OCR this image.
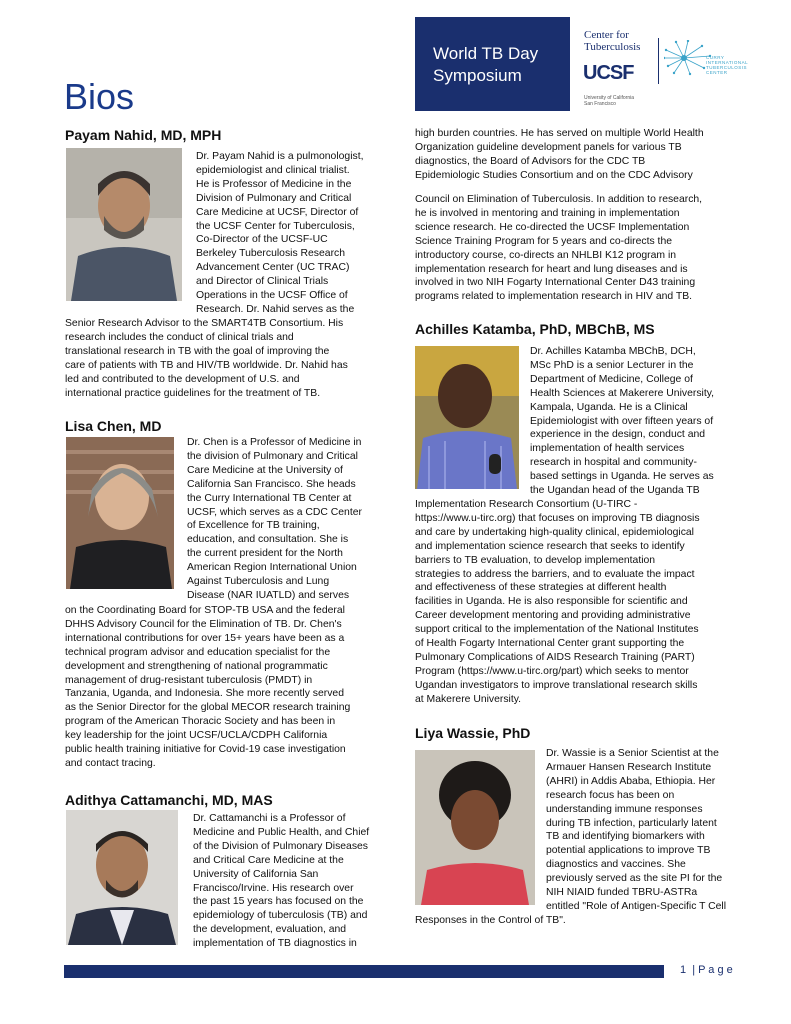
World TB Day
Symposium
Center for
Tuberculosis
UCSF
University of California
San Francisco
CURRY
INTERNATIONAL
TUBERCULOSIS
CENTER
Bios
Payam Nahid, MD, MPH

Dr. Payam Nahid is a pulmonologist,

epidemiologist and clinical trialist.

He is Professor of Medicine in the

Division of Pulmonary and Critical

Care Medicine at UCSF, Director of

the UCSF Center for Tuberculosis,

Co-Director of the UCSF-UC

Berkeley Tuberculosis Research

Advancement Center (UC TRAC)

and Director of Clinical Trials

Operations in the UCSF Office of

Research. Dr. Nahid serves as the

Senior Research Advisor to the SMART4TB Consortium. His

research includes the conduct of clinical trials and

translational research in TB with the goal of improving the

care of patients with TB and HIV/TB worldwide. Dr. Nahid has

led and contributed to the development of U.S. and

international practice guidelines for the treatment of TB.

Lisa Chen, MD

Dr. Chen is a Professor of Medicine in

the division of Pulmonary and Critical

Care Medicine at the University of

California San Francisco. She heads

the Curry International TB Center at

UCSF, which serves as a CDC Center

of Excellence for TB training,

education, and consultation. She is

the current president for the North

American Region International Union

Against Tuberculosis and Lung

Disease (NAR IUATLD) and serves

on the Coordinating Board for STOP-TB USA and the federal

DHHS Advisory Council for the Elimination of TB. Dr. Chen's

international contributions for over 15+ years have been as a

technical program advisor and education specialist for the

development and strengthening of national programmatic

management of drug-resistant tuberculosis (PMDT) in

Tanzania, Uganda, and Indonesia. She more recently served

as the Senior Director for the global MECOR research training

program of the American Thoracic Society and has been in

key leadership for the joint UCSF/UCLA/CDPH California

public health training initiative for Covid-19 case investigation

and contact tracing.

Adithya Cattamanchi, MD, MAS

Dr. Cattamanchi is a Professor of

Medicine and Public Health, and Chief

of the Division of Pulmonary Diseases

and Critical Care Medicine at the

University of California San

Francisco/Irvine. His research over

the past 15 years has focused on the

epidemiology of tuberculosis (TB) and

the development, evaluation, and

implementation of TB diagnostics in

high burden countries. He has served on multiple World Health

Organization guideline development panels for various TB

diagnostics, the Board of Advisors for the CDC TB

Epidemiologic Studies Consortium and on the CDC Advisory

Council on Elimination of Tuberculosis. In addition to research,

he is involved in mentoring and training in implementation

science research. He co-directed the UCSF Implementation

Science Training Program for 5 years and co-directs the

introductory course, co-directs an NHLBI K12 program in

implementation research for heart and lung diseases and is

involved in two NIH Fogarty International Center D43 training

programs related to implementation research in HIV and TB.

Achilles Katamba, PhD, MBChB, MS

Dr. Achilles Katamba MBChB, DCH,

MSc PhD is a senior Lecturer in the

Department of Medicine, College of

Health Sciences at Makerere University,

Kampala, Uganda. He is a Clinical

Epidemiologist with over fifteen years of

experience in the design, conduct and

implementation of health services

research in hospital and community-

based settings in Uganda. He serves as

the Ugandan head of the Uganda TB

Implementation Research Consortium (U-TIRC -

https://www.u-tirc.org) that focuses on improving TB diagnosis

and care by undertaking high-quality clinical, epidemiological

and implementation science research that seeks to identify

barriers to TB evaluation, to develop implementation

strategies to address the barriers, and to evaluate the impact

and effectiveness of these strategies at different health

facilities in Uganda. He is also responsible for scientific and

Career development mentoring and providing administrative

support critical to the implementation of the National Institutes

of Health Fogarty International Center grant supporting the

Pulmonary Complications of AIDS Research Training (PART)

Program (https://www.u-tirc.org/part) which seeks to mentor

Ugandan investigators to improve translational research skills

at Makerere University.

Liya Wassie, PhD

Dr. Wassie is a Senior Scientist at the

Armauer Hansen Research Institute

(AHRI) in Addis Ababa, Ethiopia. Her

research focus has been on

understanding immune responses

during TB infection, particularly latent

TB and identifying biomarkers with

potential applications to improve TB

diagnostics and vaccines. She

previously served as the site PI for the

NIH NIAID funded TBRU-ASTRa

entitled "Role of Antigen-Specific T Cell

Responses in the Control of TB".

1 | P a g e
